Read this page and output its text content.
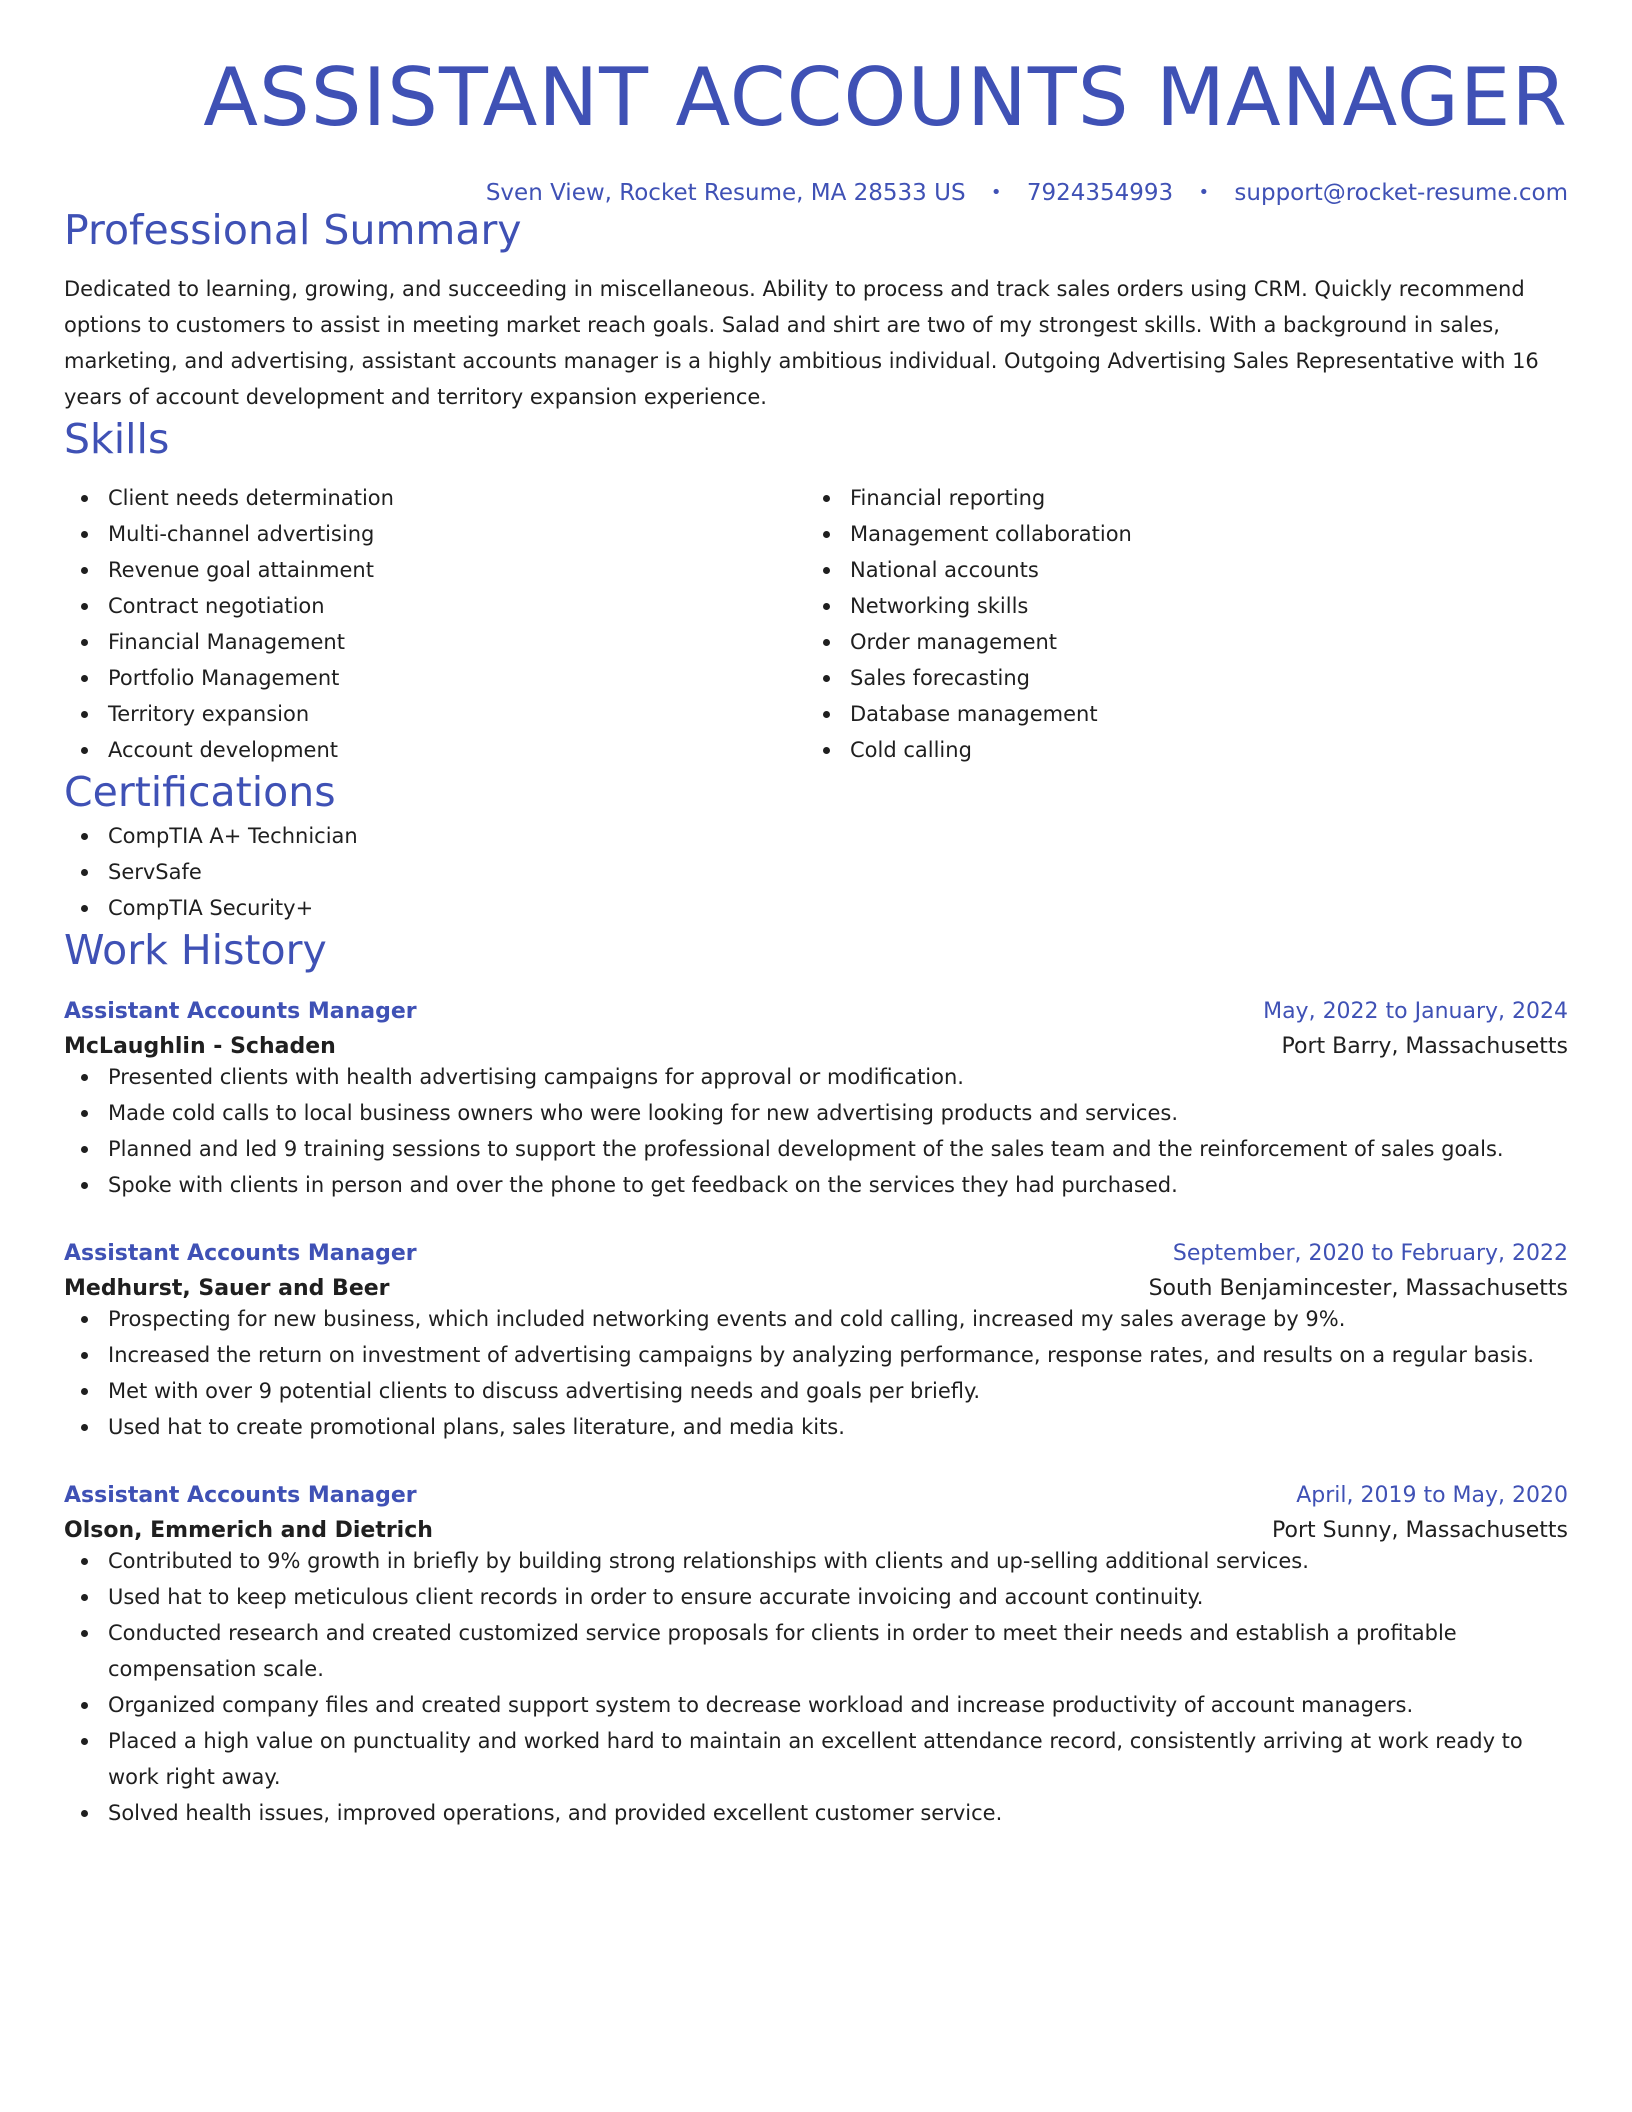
ASSISTANT ACCOUNTS MANAGER
Sven View, Rocket Resume, MA 28533 US • 7924354993 • support@rocket-resume.com
Professional Summary

Dedicated to learning, growing, and succeeding in miscellaneous. Ability to process and track sales orders using CRM. Quickly recommend options to customers to assist in meeting market reach goals. Salad and shirt are two of my strongest skills. With a background in sales, marketing, and advertising, assistant accounts manager is a highly ambitious individual. Outgoing Advertising Sales Representative with 16 years of account development and territory expansion experience.

Skills
Client needs determination
Multi-channel advertising
Revenue goal attainment
Contract negotiation
Financial Management
Portfolio Management
Territory expansion
Account development
Financial reporting
Management collaboration
National accounts
Networking skills
Order management
Sales forecasting
Database management
Cold calling
Certifications
CompTIA A+ Technician
ServSafe
CompTIA Security+
Work History
Assistant Accounts Manager	May, 2022 to January, 2024
McLaughlin - Schaden	Port Barry, Massachusetts
Presented clients with health advertising campaigns for approval or modification.
Made cold calls to local business owners who were looking for new advertising products and services.
Planned and led 9 training sessions to support the professional development of the sales team and the reinforcement of sales goals.
Spoke with clients in person and over the phone to get feedback on the services they had purchased.
Assistant Accounts Manager	September, 2020 to February, 2022
Medhurst, Sauer and Beer	South Benjamincester, Massachusetts
Prospecting for new business, which included networking events and cold calling, increased my sales average by 9%.
Increased the return on investment of advertising campaigns by analyzing performance, response rates, and results on a regular basis.
Met with over 9 potential clients to discuss advertising needs and goals per briefly.
Used hat to create promotional plans, sales literature, and media kits.
Assistant Accounts Manager	April, 2019 to May, 2020
Olson, Emmerich and Dietrich	Port Sunny, Massachusetts
Contributed to 9% growth in briefly by building strong relationships with clients and up-selling additional services.
Used hat to keep meticulous client records in order to ensure accurate invoicing and account continuity.
Conducted research and created customized service proposals for clients in order to meet their needs and establish a profitable compensation scale.
Organized company files and created support system to decrease workload and increase productivity of account managers.
Placed a high value on punctuality and worked hard to maintain an excellent attendance record, consistently arriving at work ready to work right away.
Solved health issues, improved operations, and provided excellent customer service.
